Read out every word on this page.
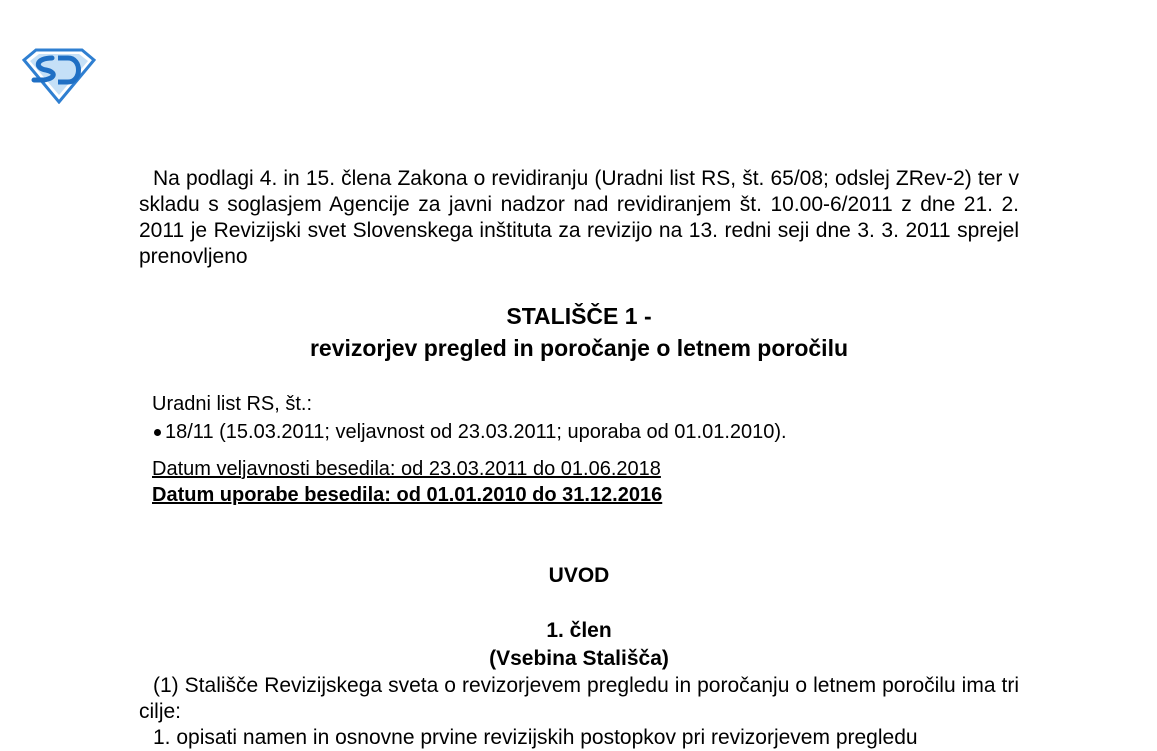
Na podlagi 4. in 15. člena Zakona o revidiranju (Uradni list RS, št. 65/08; odslej ZRev-2) ter v skladu s soglasjem Agencije za javni nadzor nad revidiranjem št. 10.00-6/2011 z dne 21. 2. 2011 je Revizijski svet Slovenskega inštituta za revizijo na 13. redni seji dne 3. 3. 2011 sprejel prenovljeno

STALIŠČE 1 -
revizorjev pregled in poročanje o letnem poročilu
Uradni list RS, št.:
18/11 (15.03.2011; veljavnost od 23.03.2011; uporaba od 01.01.2010).
Datum veljavnosti besedila: od 23.03.2011 do 01.06.2018
Datum uporabe besedila: od 01.01.2010 do 31.12.2016
UVOD
1. člen
(Vsebina Stališča)

(1) Stališče Revizijskega sveta o revizorjevem pregledu in poročanju o letnem poročilu ima tri cilje:

1. opisati namen in osnovne prvine revizijskih postopkov pri revizorjevem pregledu
